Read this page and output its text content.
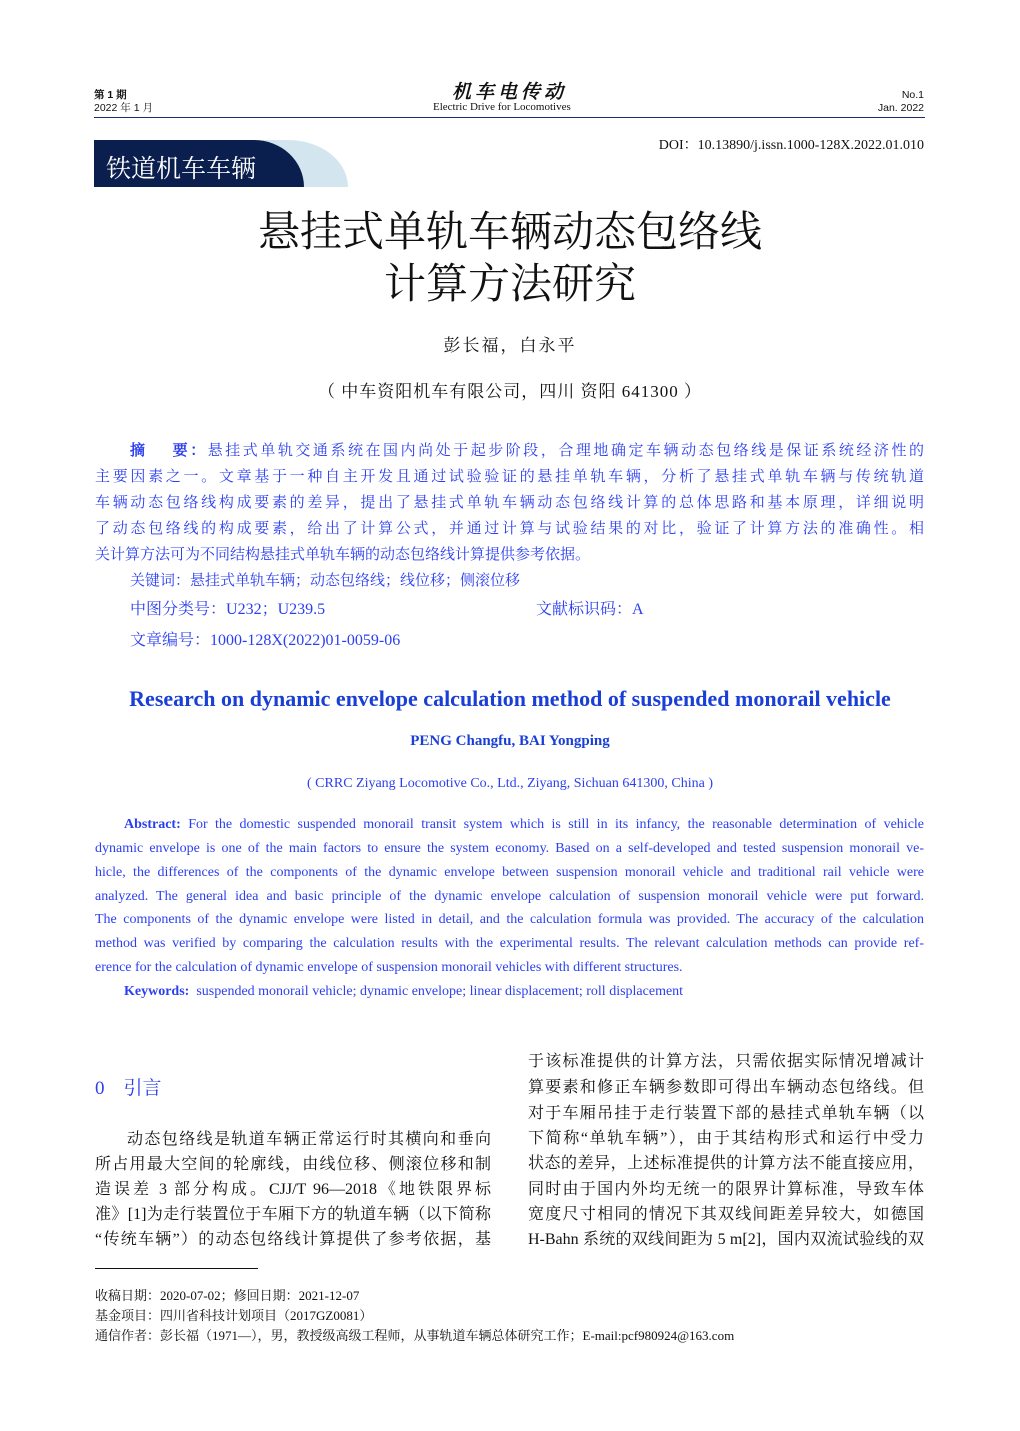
第 1 期
2022 年 1 月
机车电传动
Electric Drive for Locomotives
No.1
Jan. 2022
DOI：10.13890/j.issn.1000-128X.2022.01.010
铁道机车车辆
悬挂式单轨车辆动态包络线
计算方法研究
彭长福，白永平
（ 中车资阳机车有限公司，四川 资阳 641300 ）
摘    要：悬挂式单轨交通系统在国内尚处于起步阶段，合理地确定车辆动态包络线是保证系统经济性的
主要因素之一。文章基于一种自主开发且通过试验验证的悬挂单轨车辆，分析了悬挂式单轨车辆与传统轨道
车辆动态包络线构成要素的差异，提出了悬挂式单轨车辆动态包络线计算的总体思路和基本原理，详细说明
了动态包络线的构成要素，给出了计算公式，并通过计算与试验结果的对比，验证了计算方法的准确性。相
关计算方法可为不同结构悬挂式单轨车辆的动态包络线计算提供参考依据。
关键词：悬挂式单轨车辆；动态包络线；线位移；侧滚位移
中图分类号：U232；U239.5	文献标识码：A
文章编号：1000-128X(2022)01-0059-06
Research on dynamic envelope calculation method of suspended monorail vehicle
PENG Changfu, BAI Yongping
( CRRC Ziyang Locomotive Co., Ltd., Ziyang, Sichuan 641300, China )
Abstract: For the domestic suspended monorail transit system which is still in its infancy, the reasonable determination of vehicle
dynamic envelope is one of the main factors to ensure the system economy. Based on a self-developed and tested suspension monorail ve-
hicle, the differences of the components of the dynamic envelope between suspension monorail vehicle and traditional rail vehicle were
analyzed. The general idea and basic principle of the dynamic envelope calculation of suspension monorail vehicle were put forward.
The components of the dynamic envelope were listed in detail, and the calculation formula was provided. The accuracy of the calculation
method was verified by comparing the calculation results with the experimental results. The relevant calculation methods can provide ref-
erence for the calculation of dynamic envelope of suspension monorail vehicles with different structures.
Keywords: suspended monorail vehicle; dynamic envelope; linear displacement; roll displacement
0    引言
动态包络线是轨道车辆正常运行时其横向和垂向
所占用最大空间的轮廓线，由线位移、侧滚位移和制
造误差 3 部分构成。CJJ/T 96—2018《地铁限界标
准》[1]为走行装置位于车厢下方的轨道车辆（以下简称
“传统车辆”）的动态包络线计算提供了参考依据，基
于该标准提供的计算方法，只需依据实际情况增减计
算要素和修正车辆参数即可得出车辆动态包络线。但
对于车厢吊挂于走行装置下部的悬挂式单轨车辆（以
下简称“单轨车辆”），由于其结构形式和运行中受力
状态的差异，上述标准提供的计算方法不能直接应用，
同时由于国内外均无统一的限界计算标准，导致车体
宽度尺寸相同的情况下其双线间距差异较大，如德国
H-Bahn 系统的双线间距为 5 m[2]，国内双流试验线的双
收稿日期：2020-07-02；修回日期：2021-12-07
基金项目：四川省科技计划项目（2017GZ0081）
通信作者：彭长福（1971—），男，教授级高级工程师，从事轨道车辆总体研究工作；E-mail:pcf980924@163.com
